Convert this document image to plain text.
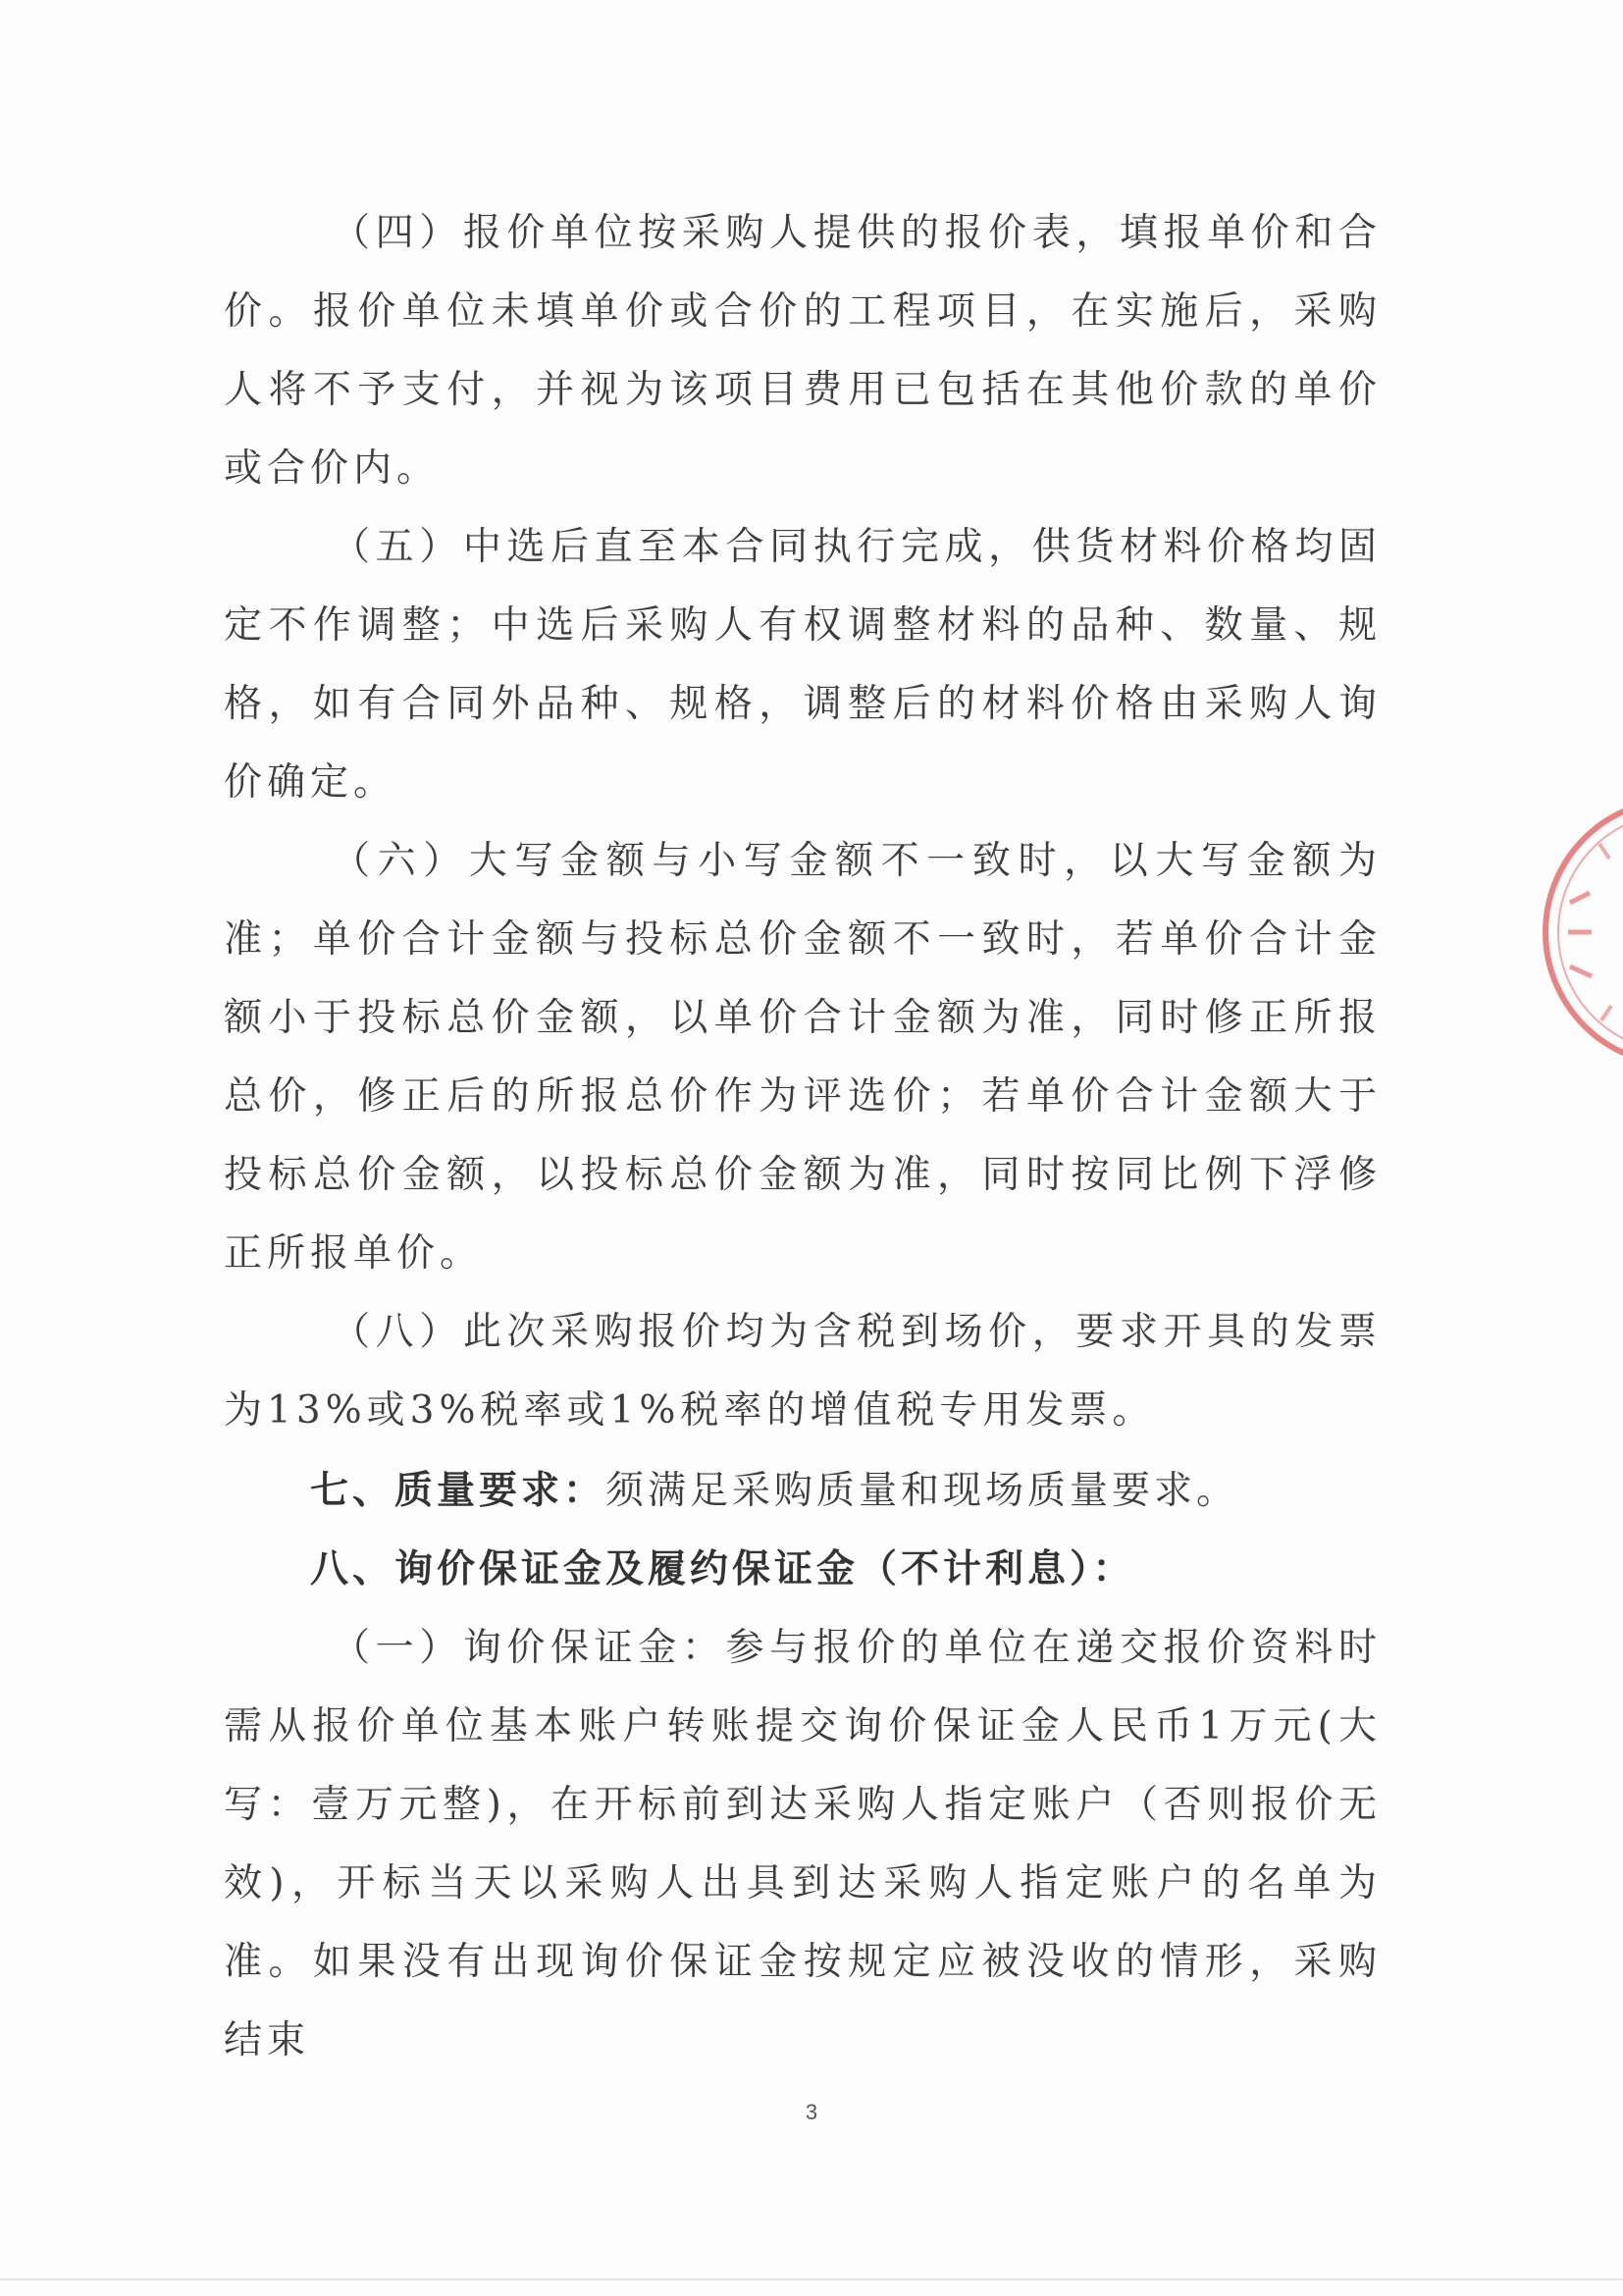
（四）报价单位按采购人提供的报价表，填报单价和合价。报价单位未填单价或合价的工程项目，在实施后，采购人将不予支付，并视为该项目费用已包括在其他价款的单价或合价内。

（五）中选后直至本合同执行完成，供货材料价格均固定不作调整；中选后采购人有权调整材料的品种、数量、规格，如有合同外品种、规格，调整后的材料价格由采购人询价确定。

（六）大写金额与小写金额不一致时，以大写金额为准；单价合计金额与投标总价金额不一致时，若单价合计金额小于投标总价金额，以单价合计金额为准，同时修正所报总价，修正后的所报总价作为评选价；若单价合计金额大于投标总价金额，以投标总价金额为准，同时按同比例下浮修正所报单价。

（八）此次采购报价均为含税到场价，要求开具的发票为13%或3%税率或1%税率的增值税专用发票。

七、质量要求：须满足采购质量和现场质量要求。

八、询价保证金及履约保证金（不计利息）：

（一）询价保证金：参与报价的单位在递交报价资料时需从报价单位基本账户转账提交询价保证金人民币1万元(大写：壹万元整)，在开标前到达采购人指定账户（否则报价无效)，开标当天以采购人出具到达采购人指定账户的名单为准。如果没有出现询价保证金按规定应被没收的情形，采购结束

3
